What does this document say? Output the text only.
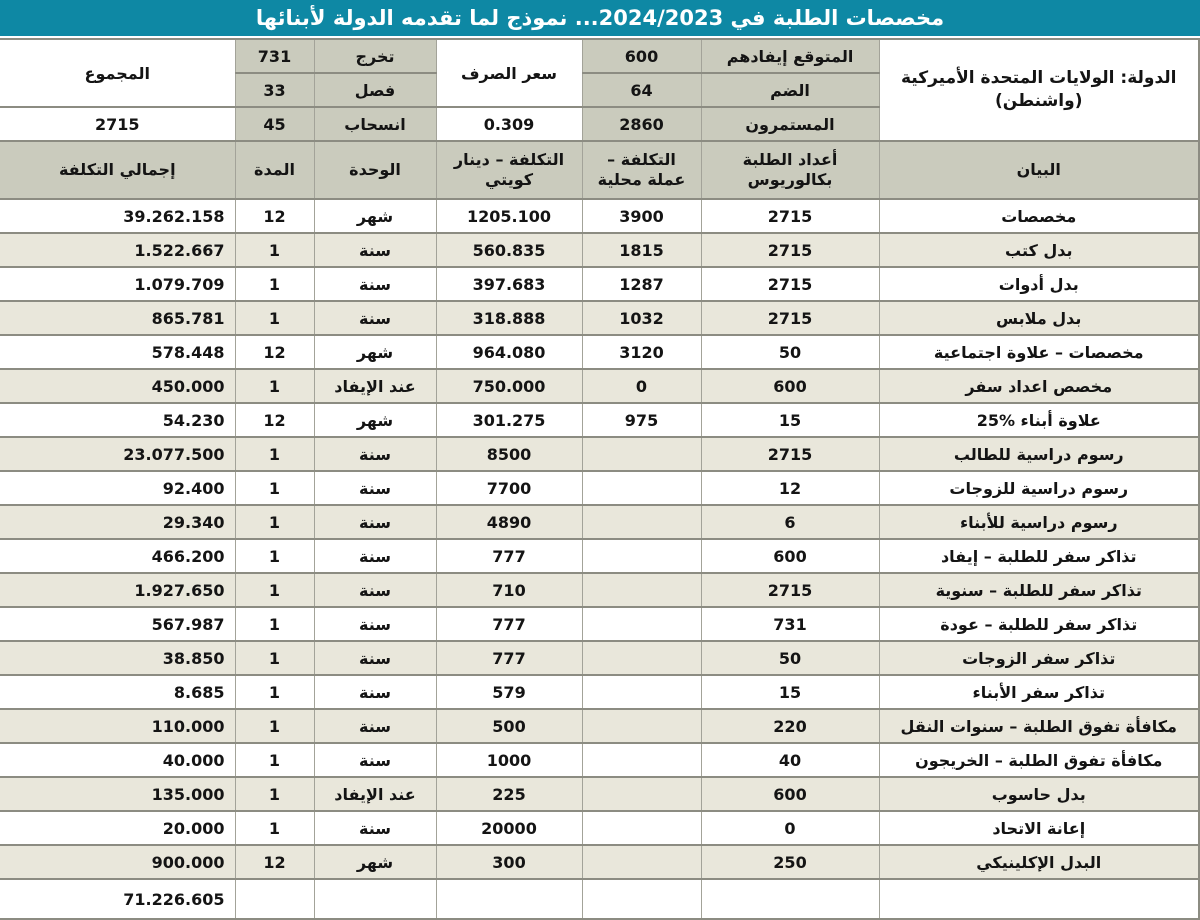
مخصصات الطلبة في 2024/2023... نموذج لما تقدمه الدولة لأبنائها
الدولة: الولايات المتحدة الأميركية
(واشنطن)	المتوقع إيفادهم	600	سعر الصرف	تخرج	731	المجموع
	الضم	64		فصل	33	
	المستمرون	2860	0.309	انسحاب	45	2715
البيان	أعداد الطلبة بكالوريوس	التكلفة – عملة محلية	التكلفة – دينار كويتي	الوحدة	المدة	إجمالي التكلفة
مخصصات	2715	3900	1205.100	شهر	12	39.262.158
بدل كتب	2715	1815	560.835	سنة	1	1.522.667
بدل أدوات	2715	1287	397.683	سنة	1	1.079.709
بدل ملابس	2715	1032	318.888	سنة	1	865.781
مخصصات – علاوة اجتماعية	50	3120	964.080	شهر	12	578.448
مخصص اعداد سفر	600	0	750.000	عند الإيفاد	1	450.000
علاوة أبناء %25	15	975	301.275	شهر	12	54.230
رسوم دراسية للطالب	2715		8500	سنة	1	23.077.500
رسوم دراسية للزوجات	12		7700	سنة	1	92.400
رسوم دراسية للأبناء	6		4890	سنة	1	29.340
تذاكر سفر للطلبة – إيفاد	600		777	سنة	1	466.200
تذاكر سفر للطلبة – سنوية	2715		710	سنة	1	1.927.650
تذاكر سفر للطلبة – عودة	731		777	سنة	1	567.987
تذاكر سفر الزوجات	50		777	سنة	1	38.850
تذاكر سفر الأبناء	15		579	سنة	1	8.685
مكافأة تفوق الطلبة – سنوات النقل	220		500	سنة	1	110.000
مكافأة تفوق الطلبة – الخريجون	40		1000	سنة	1	40.000
بدل حاسوب	600		225	عند الإيفاد	1	135.000
إعانة الاتحاد	0		20000	سنة	1	20.000
البدل الإكلينيكي	250		300	شهر	12	900.000
						71.226.605
